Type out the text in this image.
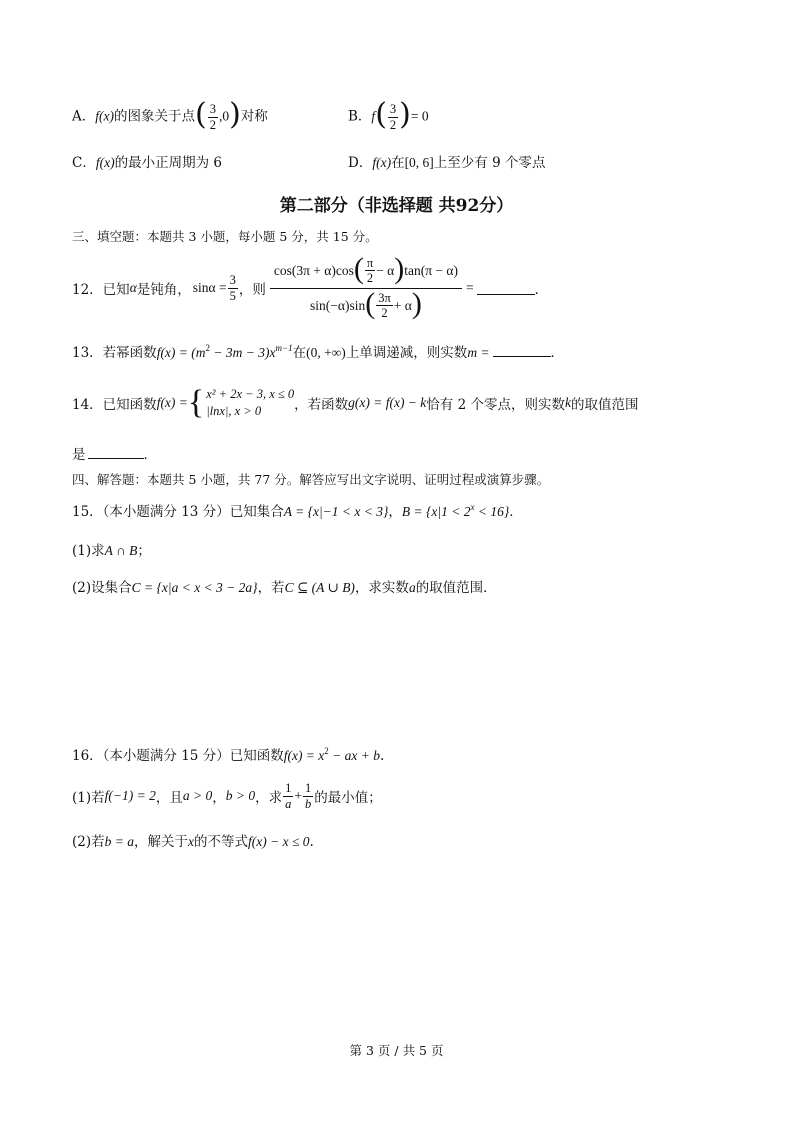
A．f(x)的图象关于点( $\frac{3}{2} ,0$)对称	B．$f( \frac{3}{2}$ )= 0
C．f(x)的最小正周期为 6	D．f(x)在[0, 6]上至少有 9 个零点
第二部分（非选择题 共92分）
三、填空题：本题共 3 小题，每小题 5 分，共 15 分。
12．已知 α 是钝角， $\sin\alpha = \frac{3}{5}$ ，则 $\frac{\cos(3\pi + \alpha)\cos ( \frac{\pi}{2} - \alpha ) \tan(\pi - \alpha)}{\sin(-\alpha)\sin ( \frac{3\pi}{2} + \alpha )}$ =	．
13．若幂函数$f(x) = (m^2 - 3m - 3)x^{m-1}$在(0, +∞)上单调递减，则实数m =	．
14．已知函数 f(x) = { x² + 2x − 3, x ≤ 0
|lnx|, x > 0	，若函数 g(x) = f(x) − k 恰有 2 个零点，则实数 k 的取值范围
是	．
四、解答题：本题共 5 小题，共 77 分。解答应写出文字说明、证明过程或演算步骤。
15．（本小题满分 13 分）已知集合A = {x|−1 < x < 3}，$B = \{x|1 < 2^x < 16\}$．
(1)求A ∩ B；
(2)设集合C = {x|a < x < 3 − 2a}，若C ⊆ (A ∪ B)，求实数a的取值范围．
16．（本小题满分 15 分）已知函数$f(x) = x^2$ − ax + b.
(1)若 f(−1) = 2 ，且 a > 0 ， b > 0 ，求 $\frac{1}{a} + \frac{1}{b}$ 的最小值；
(2)若b = a，解关于x的不等式f(x) − x ≤ 0.
第 3 页 / 共 5 页
